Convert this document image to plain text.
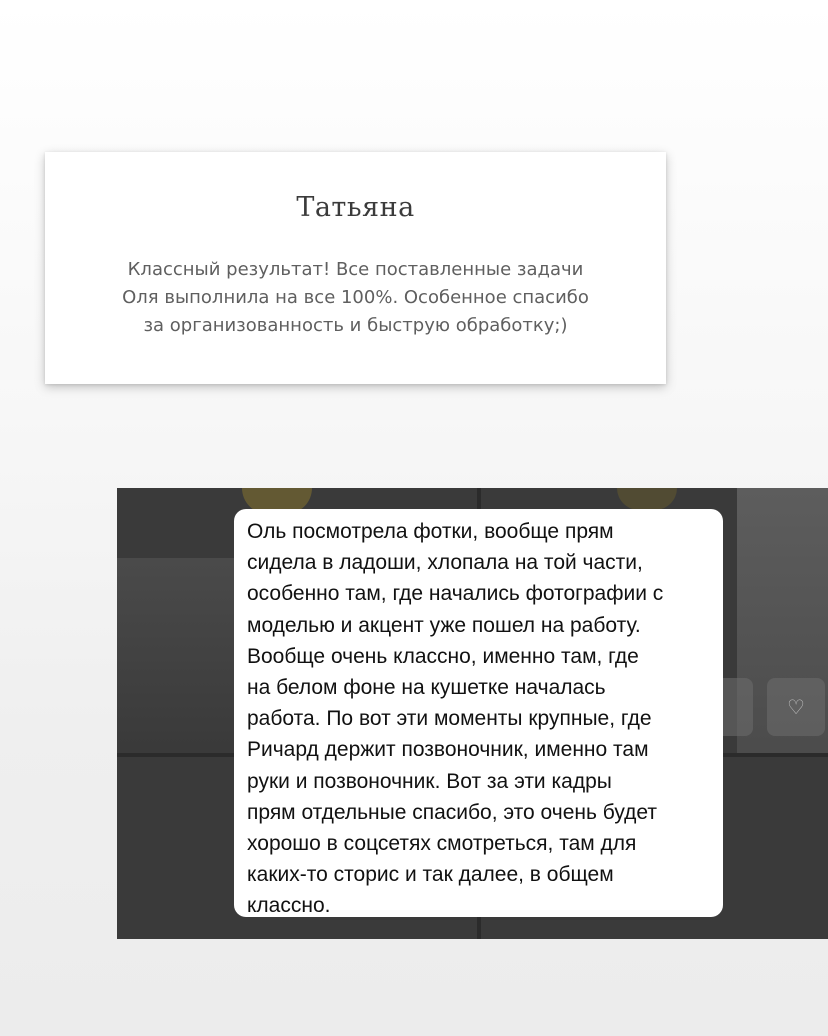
Татьяна
Классный результат! Все поставленные задачи
Оля выполнила на все 100%. Особенное спасибо
за организованность и быструю обработку;)
♡
Оль посмотрела фотки, вообще прям
сидела в ладоши, хлопала на той части,
особенно там, где начались фотографии с
моделью и акцент уже пошел на работу.
Вообще очень классно, именно там, где
на белом фоне на кушетке началась
работа. По вот эти моменты крупные, где
Ричард держит позвоночник, именно там
руки и позвоночник. Вот за эти кадры
прям отдельные спасибо, это очень будет
хорошо в соцсетях смотреться, там для
каких-то сторис и так далее, в общем
классно.
